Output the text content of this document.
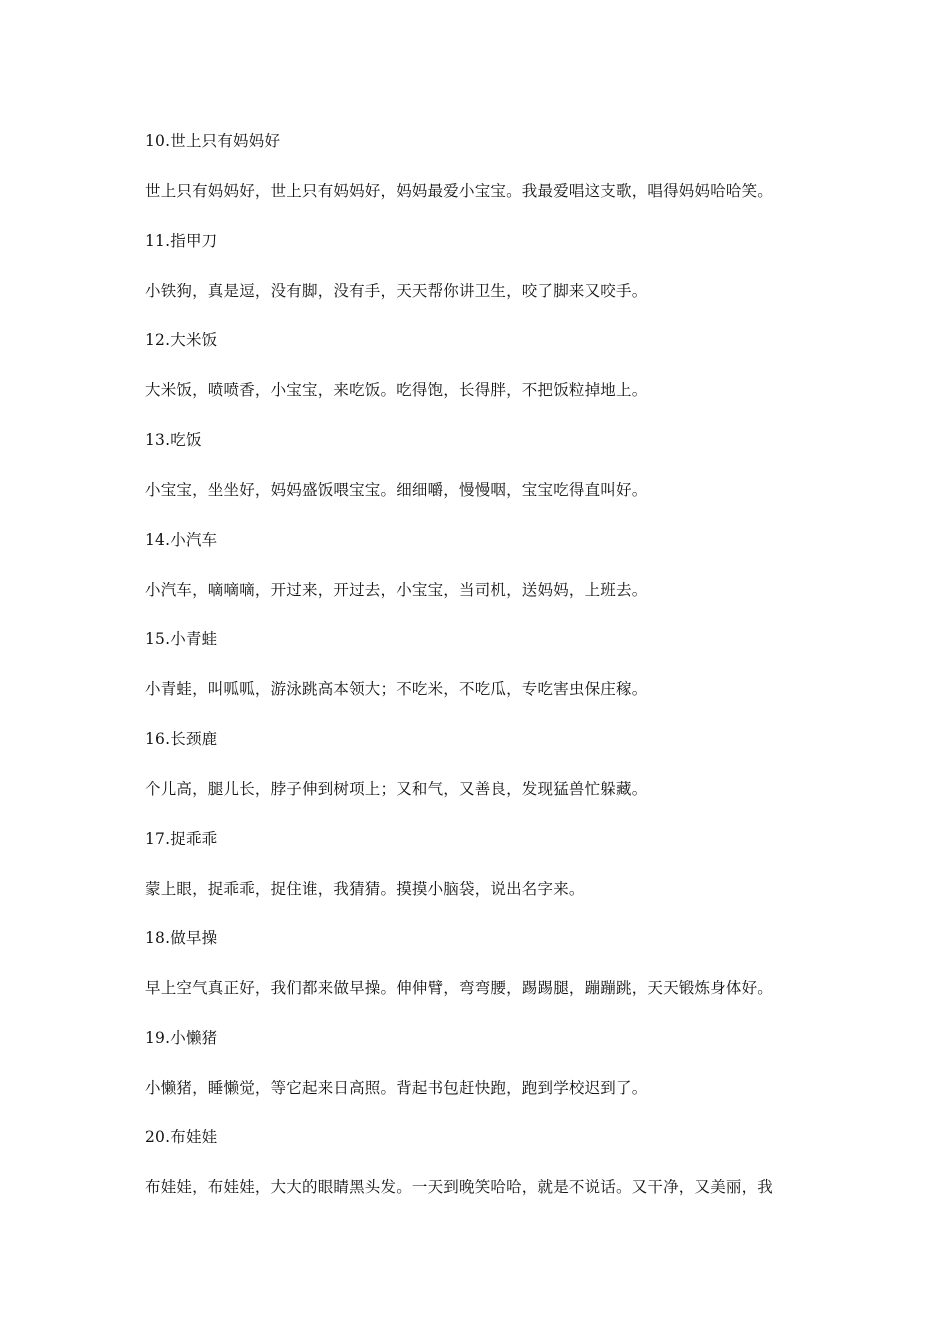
10.世上只有妈妈好
世上只有妈妈好，世上只有妈妈好，妈妈最爱小宝宝。我最爱唱这支歌，唱得妈妈哈哈笑。
11.指甲刀
小铁狗，真是逗，没有脚，没有手，天天帮你讲卫生，咬了脚来又咬手。
12.大米饭
大米饭，喷喷香，小宝宝，来吃饭。吃得饱，长得胖，不把饭粒掉地上。
13.吃饭
小宝宝，坐坐好，妈妈盛饭喂宝宝。细细嚼，慢慢咽，宝宝吃得直叫好。
14.小汽车
小汽车，嘀嘀嘀，开过来，开过去，小宝宝，当司机，送妈妈，上班去。
15.小青蛙
小青蛙，叫呱呱，游泳跳高本领大；不吃米，不吃瓜，专吃害虫保庄稼。
16.长颈鹿
个儿高，腿儿长，脖子伸到树项上；又和气，又善良，发现猛兽忙躲藏。
17.捉乖乖
蒙上眼，捉乖乖，捉住谁，我猜猜。摸摸小脑袋，说出名字来。
18.做早操
早上空气真正好，我们都来做早操。伸伸臂，弯弯腰，踢踢腿，蹦蹦跳，天天锻炼身体好。
19.小懒猪
小懒猪，睡懒觉，等它起来日高照。背起书包赶快跑，跑到学校迟到了。
20.布娃娃
布娃娃，布娃娃，大大的眼睛黑头发。一天到晚笑哈哈，就是不说话。又干净，又美丽，我
